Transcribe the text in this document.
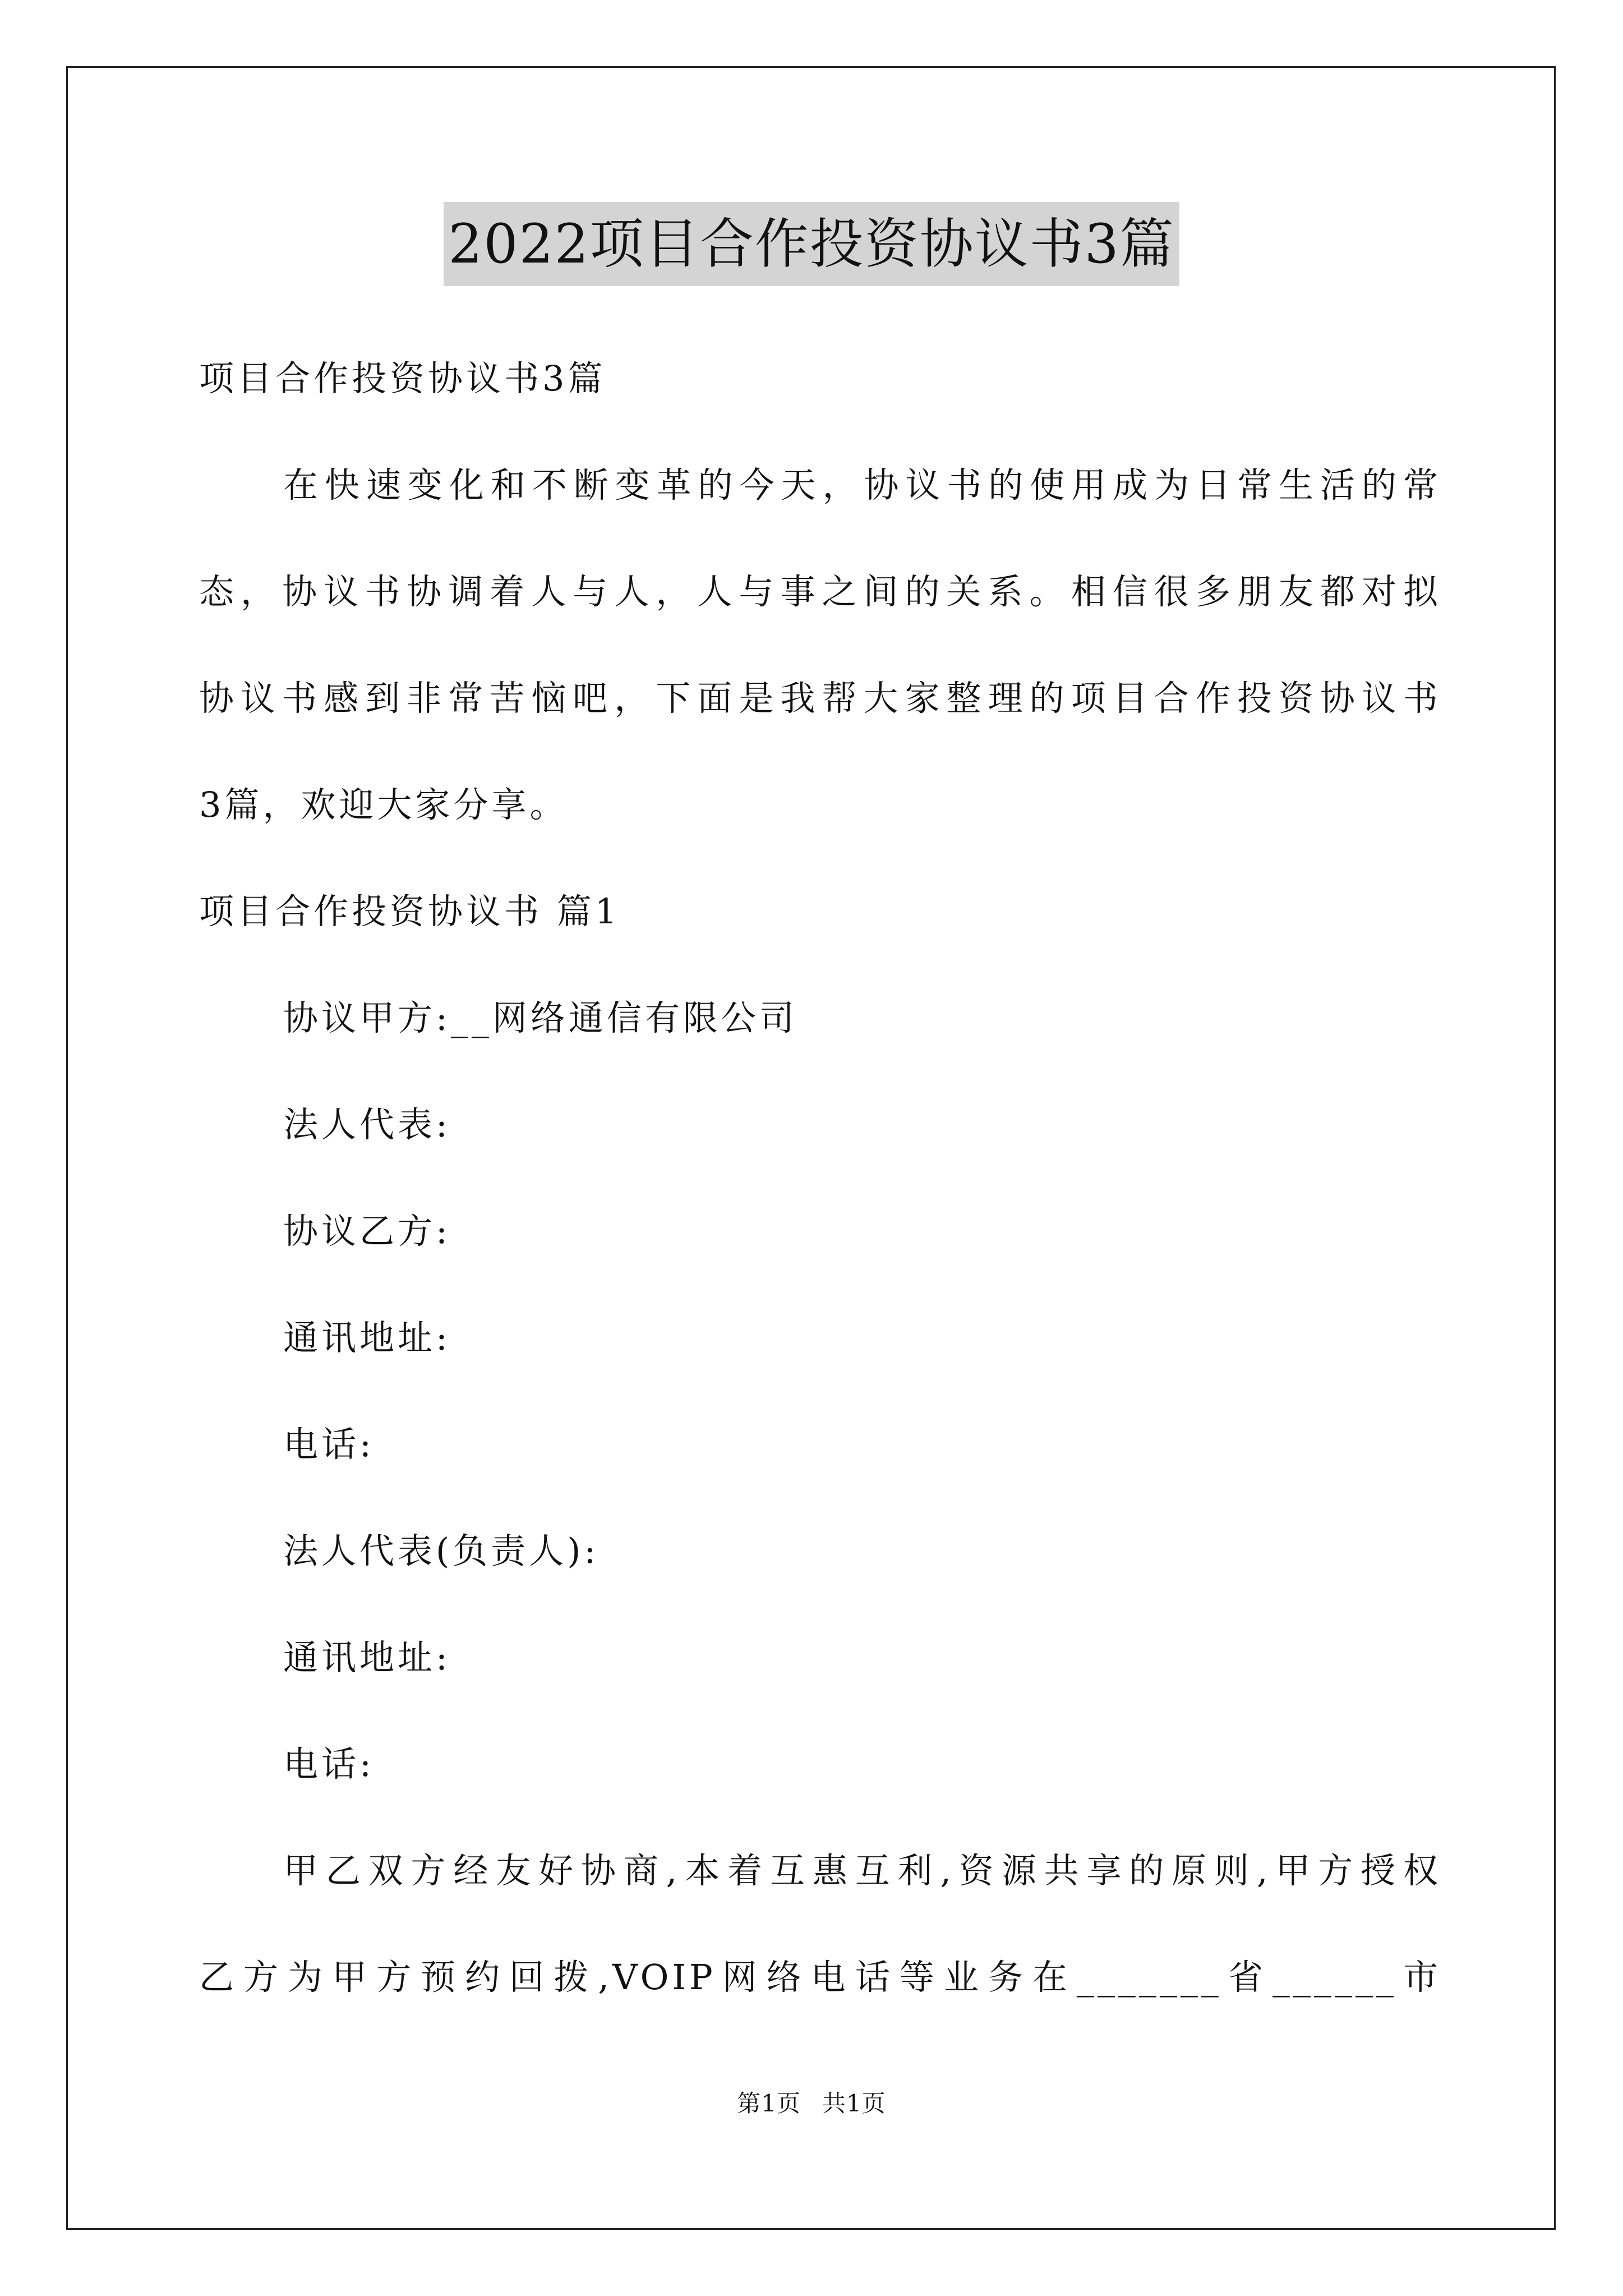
2022项目合作投资协议书3篇
项目合作投资协议书3篇
在快速变化和不断变革的今天，协议书的使用成为日常生活的常
态，协议书协调着人与人，人与事之间的关系。相信很多朋友都对拟
协议书感到非常苦恼吧，下面是我帮大家整理的项目合作投资协议书
3篇，欢迎大家分享。
项目合作投资协议书 篇1
协议甲方:__网络通信有限公司
法人代表:
协议乙方:
通讯地址:
电话:
法人代表(负责人):
通讯地址:
电话:
甲乙双方经友好协商,本着互惠互利,资源共享的原则,甲方授权
乙方为甲方预约回拨,VOIP网络电话等业务在_______省______市
第1页 共1页
